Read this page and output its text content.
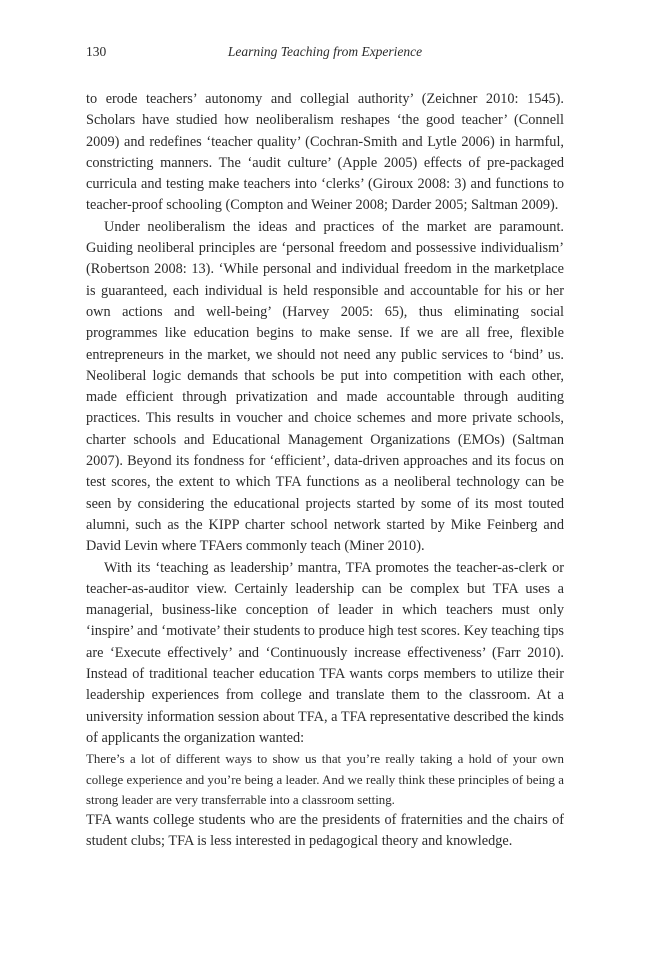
130	Learning Teaching from Experience

to erode teachers’ autonomy and collegial authority’ (Zeichner 2010: 1545). Scholars have studied how neoliberalism reshapes ‘the good teacher’ (Connell 2009) and redefines ‘teacher quality’ (Cochran-Smith and Lytle 2006) in harmful, constricting manners. The ‘audit culture’ (Apple 2005) effects of pre-packaged curricula and testing make teachers into ‘clerks’ (Giroux 2008: 3) and functions to teacher-proof schooling (Compton and Weiner 2008; Darder 2005; Saltman 2009).

Under neoliberalism the ideas and practices of the market are paramount. Guiding neoliberal principles are ‘personal freedom and possessive individualism’ (Robertson 2008: 13). ‘While personal and individual freedom in the marketplace is guaranteed, each individual is held responsible and accountable for his or her own actions and well-being’ (Harvey 2005: 65), thus eliminating social programmes like education begins to make sense. If we are all free, flexible entrepreneurs in the market, we should not need any public services to ‘bind’ us. Neoliberal logic demands that schools be put into competition with each other, made efficient through privatization and made accountable through auditing practices. This results in voucher and choice schemes and more private schools, charter schools and Educational Management Organizations (EMOs) (Saltman 2007). Beyond its fondness for ‘efficient’, data-driven approaches and its focus on test scores, the extent to which TFA functions as a neoliberal technology can be seen by considering the educational projects started by some of its most touted alumni, such as the KIPP charter school network started by Mike Feinberg and David Levin where TFAers commonly teach (Miner 2010).

With its ‘teaching as leadership’ mantra, TFA promotes the teacher-as-clerk or teacher-as-auditor view. Certainly leadership can be complex but TFA uses a managerial, business-like conception of leader in which teachers must only ‘inspire’ and ‘motivate’ their students to produce high test scores. Key teaching tips are ‘Execute effectively’ and ‘Continuously increase effectiveness’ (Farr 2010). Instead of traditional teacher education TFA wants corps members to utilize their leadership experiences from college and translate them to the classroom. At a university information session about TFA, a TFA representative described the kinds of applicants the organization wanted:

There’s a lot of different ways to show us that you’re really taking a hold of your own college experience and you’re being a leader. And we really think these principles of being a strong leader are very transferrable into a classroom setting.

TFA wants college students who are the presidents of fraternities and the chairs of student clubs; TFA is less interested in pedagogical theory and knowledge.
